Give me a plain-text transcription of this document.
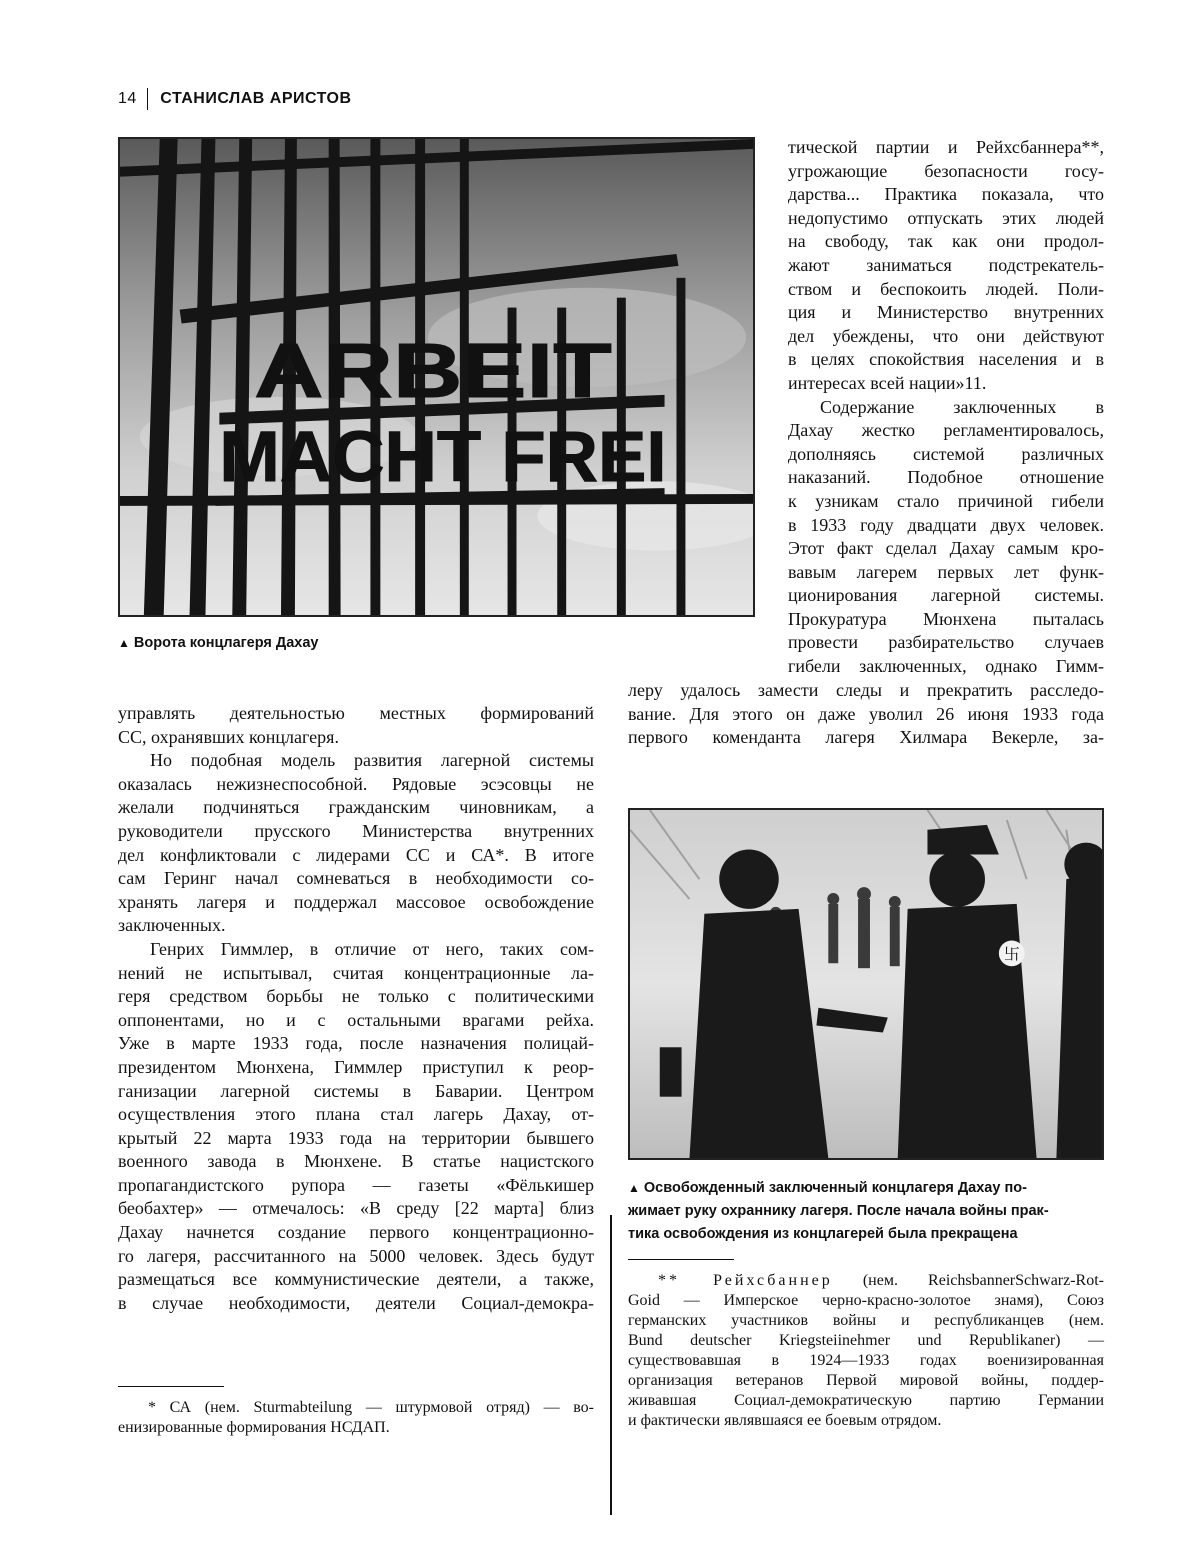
14 СТАНИСЛАВ АРИСТОВ
ARBEIT
MACHT FREI
▲ Ворота концлагеря Дахау

тической партии и Рейхсбаннера**,

угрожающие безопасности госу-

дарства... Практика показала, что

недопустимо отпускать этих людей

на свободу, так как они продол-

жают заниматься подстрекатель-

ством и беспокоить людей. Поли-

ция и Министерство внутренних

дел убеждены, что они действуют

в целях спокойствия населения и в

интересах всей нации»11.

Содержание заключенных в

Дахау жестко регламентировалось,

дополняясь системой различных

наказаний. Подобное отношение

к узникам стало причиной гибели

в 1933 году двадцати двух человек.

Этот факт сделал Дахау самым кро-

вавым лагерем первых лет функ-

ционирования лагерной системы.

Прокуратура Мюнхена пыталась

провести разбирательство случаев

гибели заключенных, однако Гимм-

леру удалось замести следы и прекратить расследо-

вание. Для этого он даже уволил 26 июня 1933 года

первого коменданта лагеря Хилмара Векерле, за-

управлять деятельностью местных формирований

СС, охранявших концлагеря.

Но подобная модель развития лагерной системы

оказалась нежизнеспособной. Рядовые эсэсовцы не

желали подчиняться гражданским чиновникам, а

руководители прусского Министерства внутренних

дел конфликтовали с лидерами СС и СА*. В итоге

сам Геринг начал сомневаться в необходимости со-

хранять лагеря и поддержал массовое освобождение

заключенных.

Генрих Гиммлер, в отличие от него, таких сом-

нений не испытывал, считая концентрационные ла-

геря средством борьбы не только с политическими

оппонентами, но и с остальными врагами рейха.

Уже в марте 1933 года, после назначения полицай-

президентом Мюнхена, Гиммлер приступил к реор-

ганизации лагерной системы в Баварии. Центром

осуществления этого плана стал лагерь Дахау, от-

крытый 22 марта 1933 года на территории бывшего

военного завода в Мюнхене. В статье нацистского

пропагандистского рупора — газеты «Фёлькишер

беобахтер» — отмечалось: «В среду [22 марта] близ

Дахау начнется создание первого концентрационно-

го лагеря, рассчитанного на 5000 человек. Здесь будут

размещаться все коммунистические деятели, а также,

в случае необходимости, деятели Социал-демокра-

卐
▲ Освобожденный заключенный концлагеря Дахау по-
жимает руку охраннику лагеря. После начала войны прак-
тика освобождения из концлагерей была прекращена

** Рейхсбаннер (нем. ReichsbannerSchwarz-Rot-

Goid — Имперское черно-красно-золотое знамя), Союз

германских участников войны и республиканцев (нем.

Bund deutscher Kriegsteiinehmer und Republikaner) —

существовавшая в 1924—1933 годах военизированная

организация ветеранов Первой мировой войны, поддер-

живавшая Социал-демократическую партию Германии

и фактически являвшаяся ее боевым отрядом.

* СА (нем. Sturmabteilung — штурмовой отряд) — во-

енизированные формирования НСДАП.
